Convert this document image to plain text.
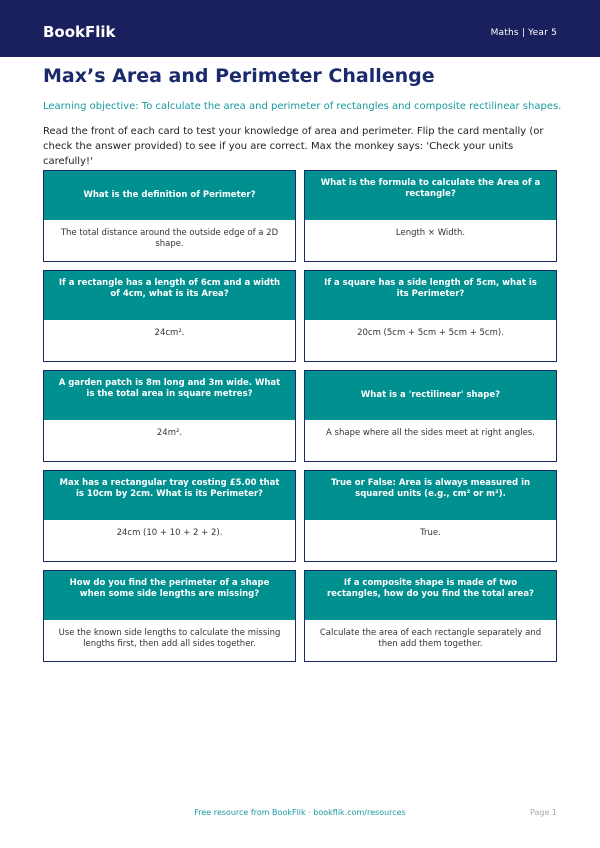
BookFlik	Maths | Year 5
Max’s Area and Perimeter Challenge
Learning objective: To calculate the area and perimeter of rectangles and composite rectilinear shapes.
Read the front of each card to test your knowledge of area and perimeter. Flip the card mentally (or check the answer provided) to see if you are correct. Max the monkey says: 'Check your units carefully!'
What is the definition of Perimeter?
The total distance around the outside edge of a 2D shape.
What is the formula to calculate the Area of a rectangle?
Length × Width.
If a rectangle has a length of 6cm and a width of 4cm, what is its Area?
24cm².
If a square has a side length of 5cm, what is its Perimeter?
20cm (5cm + 5cm + 5cm + 5cm).
A garden patch is 8m long and 3m wide. What is the total area in square metres?
24m².
What is a 'rectilinear' shape?
A shape where all the sides meet at right angles.
Max has a rectangular tray costing £5.00 that is 10cm by 2cm. What is its Perimeter?
24cm (10 + 10 + 2 + 2).
True or False: Area is always measured in squared units (e.g., cm² or m²).
True.
How do you find the perimeter of a shape when some side lengths are missing?
Use the known side lengths to calculate the missing lengths first, then add all sides together.
If a composite shape is made of two rectangles, how do you find the total area?
Calculate the area of each rectangle separately and then add them together.
Free resource from BookFlik · bookflik.com/resources	Page 1
